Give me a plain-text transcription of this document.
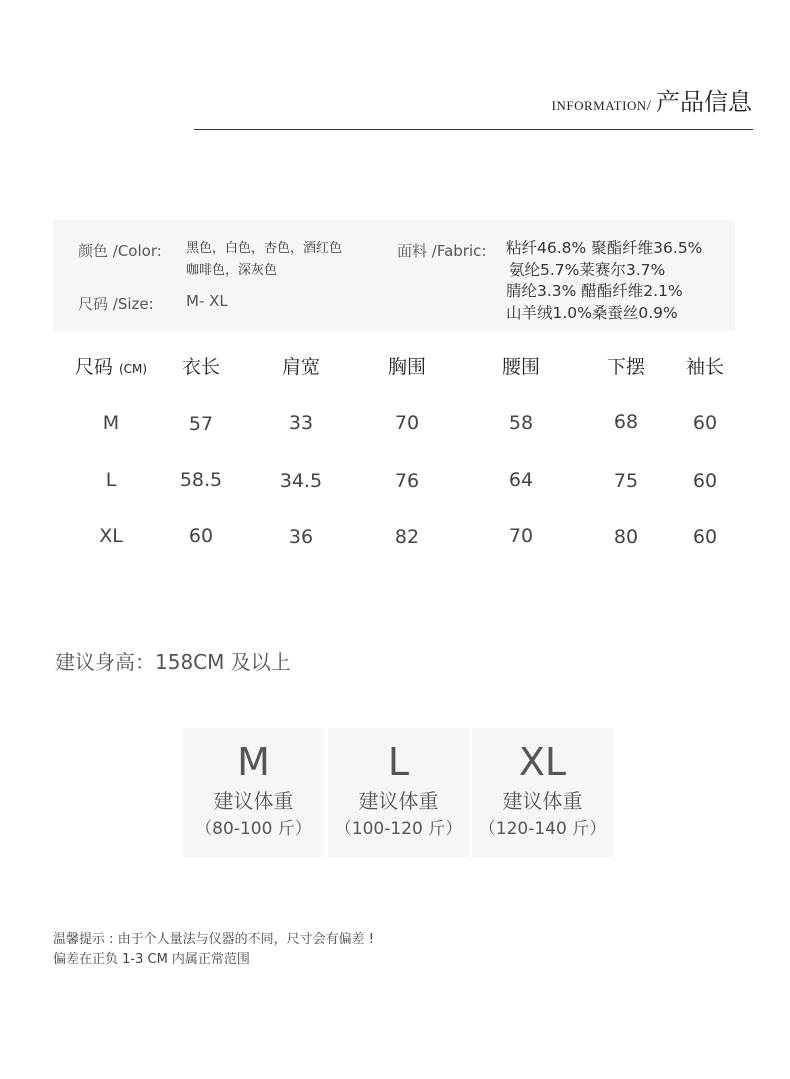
INFORMATION/ 产品信息
颜色 /Color: 黑色，白色，杏色，酒红色
咖啡色，深灰色
尺码 /Size: M- XL
面料 /Fabric: 粘纤46.8% 聚酯纤维36.5%
氨纶5.7%莱赛尔3.7%
腈纶3.3% 醋酯纤维2.1%
山羊绒1.0%桑蚕丝0.9%
尺码 (CM) 衣长	肩宽	胸围	腰围	下摆 袖长
M	57	33	70	58	68	60
L	58.5	34.5	76	64	75	60
XL	60	36	82	70	80	60
建议身高：158CM 及以上
M
建议体重
（80-100 斤）
L
建议体重
（100-120 斤）
XL
建议体重
（120-140 斤）
温馨提示 : 由于个人量法与仪器的不同，尺寸会有偏差 !
偏差在正负 1-3 CM 内属正常范围
